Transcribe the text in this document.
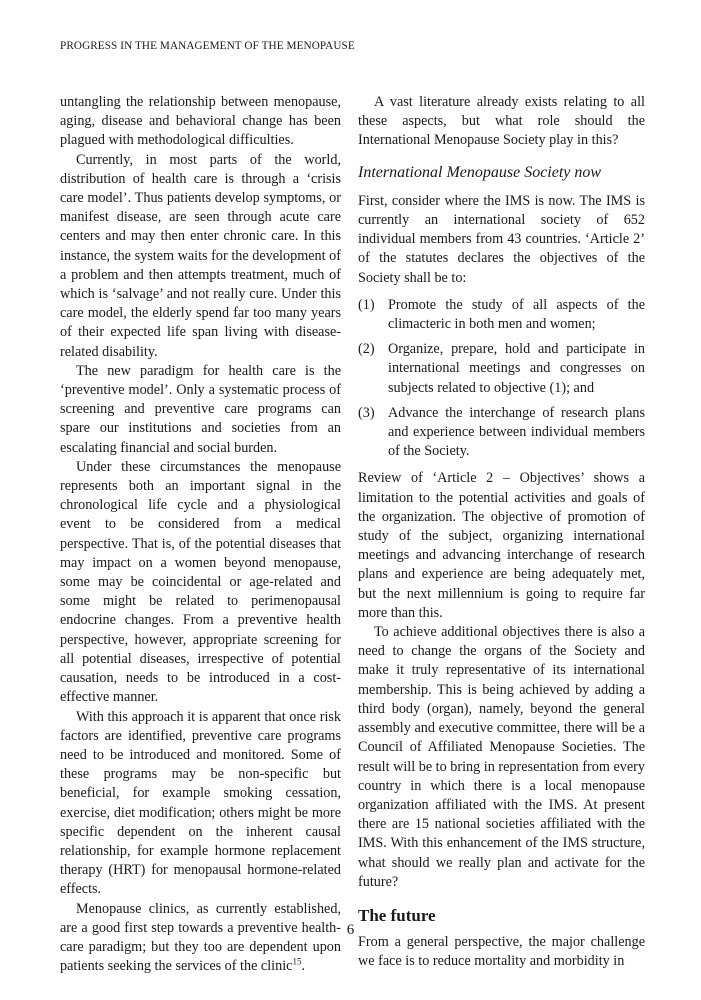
PROGRESS IN THE MANAGEMENT OF THE MENOPAUSE

untangling the relationship between menopause, aging, disease and behavioral change has been plagued with methodological difficulties.

Currently, in most parts of the world, distribution of health care is through a ‘crisis care model’. Thus patients develop symptoms, or manifest disease, are seen through acute care centers and may then enter chronic care. In this instance, the system waits for the development of a problem and then attempts treatment, much of which is ‘salvage’ and not really cure. Under this care model, the elderly spend far too many years of their expected life span living with disease-related disability.

The new paradigm for health care is the ‘preventive model’. Only a systematic process of screening and preventive care programs can spare our institutions and societies from an escalating financial and social burden.

Under these circumstances the menopause represents both an important signal in the chronological life cycle and a physiological event to be considered from a medical perspective. That is, of the potential diseases that may impact on a women beyond menopause, some may be coincidental or age-related and some might be related to perimenopausal endocrine changes. From a preventive health perspective, however, appropriate screening for all potential diseases, irrespective of potential causation, needs to be introduced in a cost-effective manner.

With this approach it is apparent that once risk factors are identified, preventive care programs need to be introduced and monitored. Some of these programs may be non-specific but beneficial, for example smoking cessation, exercise, diet modification; others might be more specific dependent on the inherent causal relationship, for example hormone replacement therapy (HRT) for menopausal hormone-related effects.

Menopause clinics, as currently established, are a good first step towards a preventive health-care paradigm; but they too are dependent upon patients seeking the services of the clinic$^{15}$.

A vast literature already exists relating to all these aspects, but what role should the International Menopause Society play in this?

International Menopause Society now

First, consider where the IMS is now. The IMS is currently an international society of 652 individual members from 43 countries. ‘Article 2’ of the statutes declares the objectives of the Society shall be to:

(1) Promote the study of all aspects of the climacteric in both men and women;
(2) Organize, prepare, hold and participate in international meetings and congresses on subjects related to objective (1); and
(3) Advance the interchange of research plans and experience between individual members of the Society.

Review of ‘Article 2 – Objectives’ shows a limitation to the potential activities and goals of the organization. The objective of promotion of study of the subject, organizing international meetings and advancing interchange of research plans and experience are being adequately met, but the next millennium is going to require far more than this.

To achieve additional objectives there is also a need to change the organs of the Society and make it truly representative of its international membership. This is being achieved by adding a third body (organ), namely, beyond the general assembly and executive committee, there will be a Council of Affiliated Menopause Societies. The result will be to bring in representation from every country in which there is a local menopause organization affiliated with the IMS. At present there are 15 national societies affiliated with the IMS. With this enhancement of the IMS structure, what should we really plan and activate for the future?

The future

From a general perspective, the major challenge we face is to reduce mortality and morbidity in

6
